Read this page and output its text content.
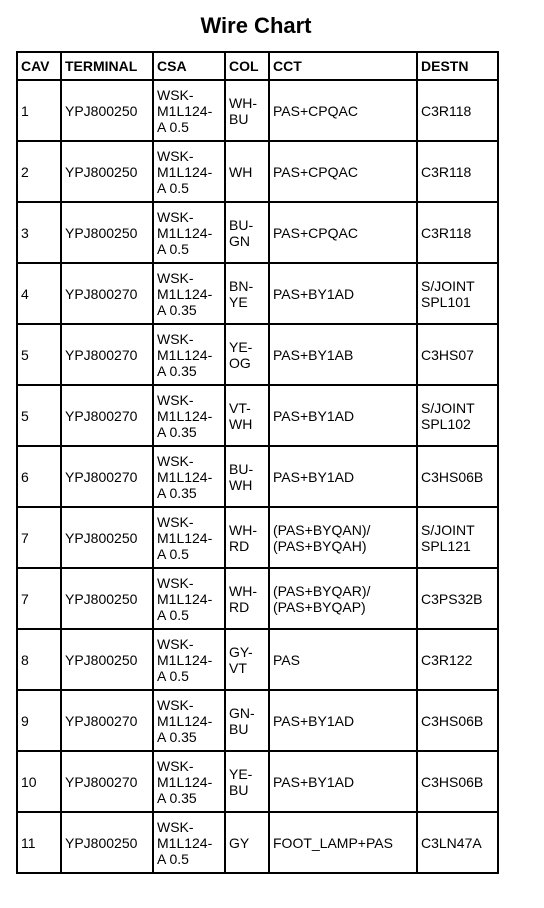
Wire Chart
CAV	TERMINAL	CSA	COL	CCT	DESTN
1	YPJ800250	WSK-
M1L124-
A 0.5	WH-
BU	PAS+CPQAC	C3R118
2	YPJ800250	WSK-
M1L124-
A 0.5	WH	PAS+CPQAC	C3R118
3	YPJ800250	WSK-
M1L124-
A 0.5	BU-
GN	PAS+CPQAC	C3R118
4	YPJ800270	WSK-
M1L124-
A 0.35	BN-
YE	PAS+BY1AD	S/JOINT
SPL101
5	YPJ800270	WSK-
M1L124-
A 0.35	YE-
OG	PAS+BY1AB	C3HS07
5	YPJ800270	WSK-
M1L124-
A 0.35	VT-
WH	PAS+BY1AD	S/JOINT
SPL102
6	YPJ800270	WSK-
M1L124-
A 0.35	BU-
WH	PAS+BY1AD	C3HS06B
7	YPJ800250	WSK-
M1L124-
A 0.5	WH-
RD	(PAS+BYQAN)/
(PAS+BYQAH)	S/JOINT
SPL121
7	YPJ800250	WSK-
M1L124-
A 0.5	WH-
RD	(PAS+BYQAR)/
(PAS+BYQAP)	C3PS32B
8	YPJ800250	WSK-
M1L124-
A 0.5	GY-
VT	PAS	C3R122
9	YPJ800270	WSK-
M1L124-
A 0.35	GN-
BU	PAS+BY1AD	C3HS06B
10	YPJ800270	WSK-
M1L124-
A 0.35	YE-
BU	PAS+BY1AD	C3HS06B
11	YPJ800250	WSK-
M1L124-
A 0.5	GY	FOOT_LAMP+PAS	C3LN47A
